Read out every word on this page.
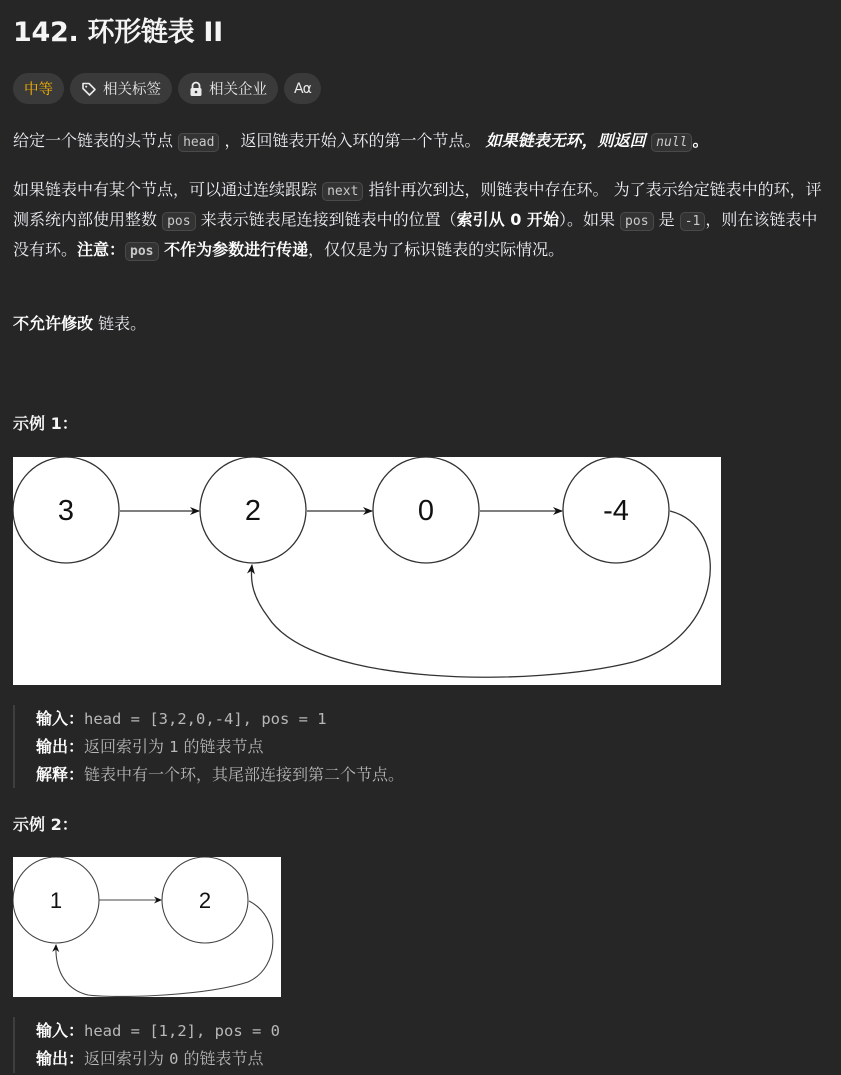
142. 环形链表 II
中等	相关标签	相关企业 Aα

给定一个链表的头节点 head ，返回链表开始入环的第一个节点。 如果链表无环，则返回 null 。

如果链表中有某个节点，可以通过连续跟踪 next 指针再次到达，则链表中存在环。 为了表示给定链表中的环，评测系统内部使用整数 pos 来表示链表尾连接到链表中的位置（索引从 0 开始）。如果 pos 是 -1 ，则在该链表中没有环。注意： pos 不作为参数进行传递，仅仅是为了标识链表的实际情况。

不允许修改 链表。

示例 1：
3	2	0	-4
输入：head = [3,2,0,-4], pos = 1
输出：返回索引为 1 的链表节点
解释：链表中有一个环，其尾部连接到第二个节点。
示例 2：
1	2
输入：head = [1,2], pos = 0
输出：返回索引为 0 的链表节点
